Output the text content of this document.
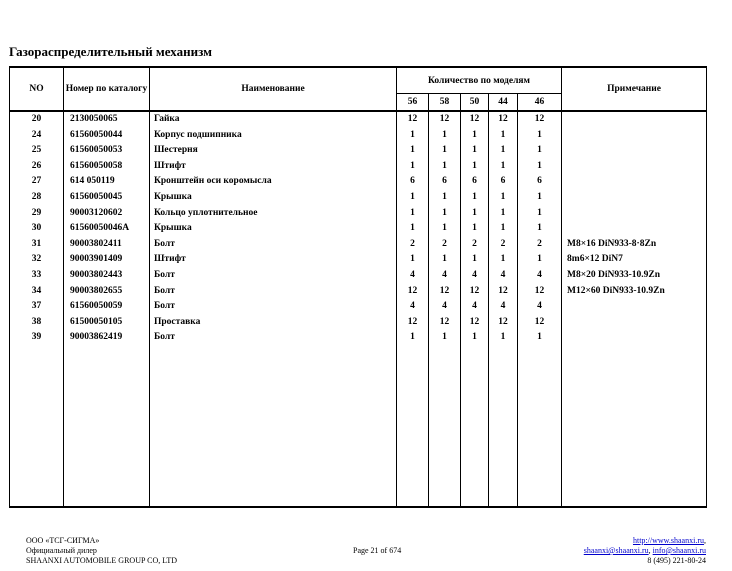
Газораспределительный механизм
NO	Номер по каталогу	Наименование	Количество по моделям					Примечание
			56	58	50	44	46	
20	2130050065	Гайка	12	12	12	12	12	
24	61560050044	Корпус подшипника	1	1	1	1	1	
25	61560050053	Шестерня	1	1	1	1	1	
26	61560050058	Штифт	1	1	1	1	1	
27	614 050119	Кронштейн оси коромысла	6	6	6	6	6	
28	61560050045	Крышка	1	1	1	1	1	
29	90003120602	Кольцо уплотнительное	1	1	1	1	1	
30	61560050046A	Крышка	1	1	1	1	1	
31	90003802411	Болт	2	2	2	2	2	M8×16 DiN933-8·8Zn
32	90003901409	Штифт	1	1	1	1	1	8m6×12 DiN7
33	90003802443	Болт	4	4	4	4	4	M8×20 DiN933-10.9Zn
34	90003802655	Болт	12	12	12	12	12	M12×60 DiN933-10.9Zn
37	61560050059	Болт	4	4	4	4	4	
38	61500050105	Проставка	12	12	12	12	12	
39	90003862419	Болт	1	1	1	1	1	

ООО «ТСГ-СИГМА»
Официальный дилер
SHAANXI AUTOMOBILE GROUP CO, LTD
Page 21 of 674
http://www.shaanxi.ru,
shaanxi@shaanxi.ru, info@shaanxi.ru
8 (495) 221-80-24
